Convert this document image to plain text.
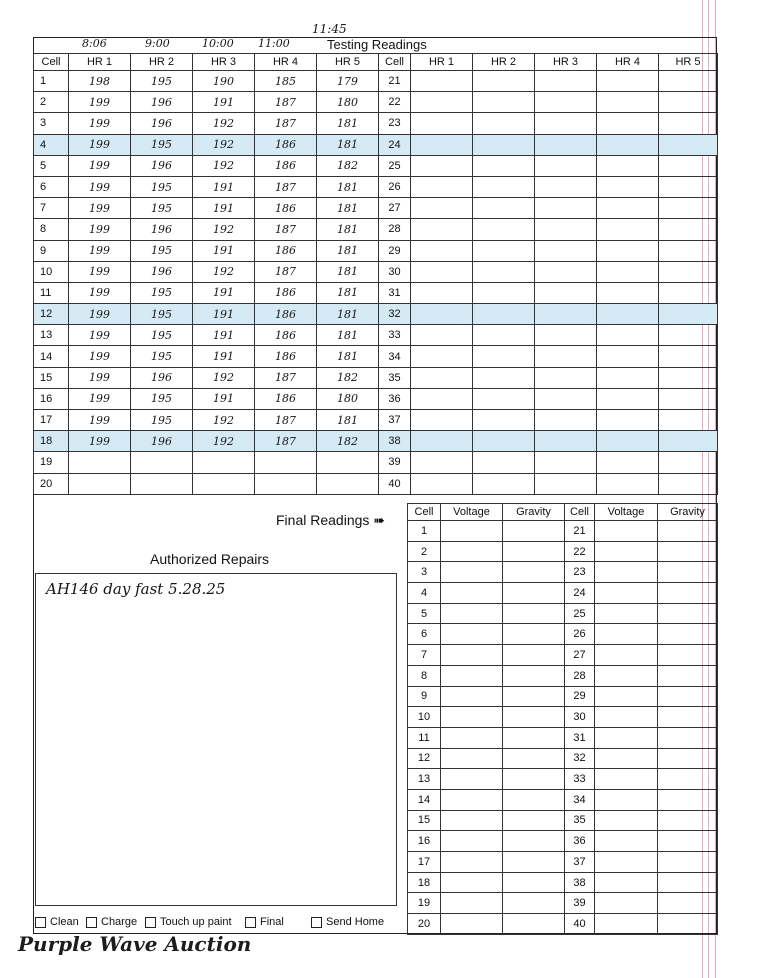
11:45
8:06	9:00	10:00 11:00	Testing Readings
Cell	HR 1	HR 2	HR 3	HR 4	HR 5	Cell	HR 1	HR 2	HR 3	HR 4	HR 5
1	198	195	190	185	179	21					
2	199	196	191	187	180	22					
3	199	196	192	187	181	23					
4	199	195	192	186	181	24					
5	199	196	192	186	182	25					
6	199	195	191	187	181	26					
7	199	195	191	186	181	27					
8	199	196	192	187	181	28					
9	199	195	191	186	181	29					
10	199	196	192	187	181	30					
11	199	195	191	186	181	31					
12	199	195	191	186	181	32					
13	199	195	191	186	181	33					
14	199	195	191	186	181	34					
15	199	196	192	187	182	35					
16	199	195	191	186	180	36					
17	199	195	192	187	181	37					
18	199	196	192	187	182	38					
19						39					
20						40					
Final Readings ➠	Cell	Voltage	Gravity	Cell	Voltage	Gravity
1			21		
2			22		
3			23		
4			24		
5			25		
6			26		
7			27		
8			28		
9			29		
10			30		
11			31		
12			32		
13			33		
14			34		
15			35		
16			36		
17			37		
18			38		
19			39		
20			40		
Authorized Repairs
AH146 day fast 5.28.25
Clean Charge Touch up paint	Final	Send Home
Purple Wave Auction
